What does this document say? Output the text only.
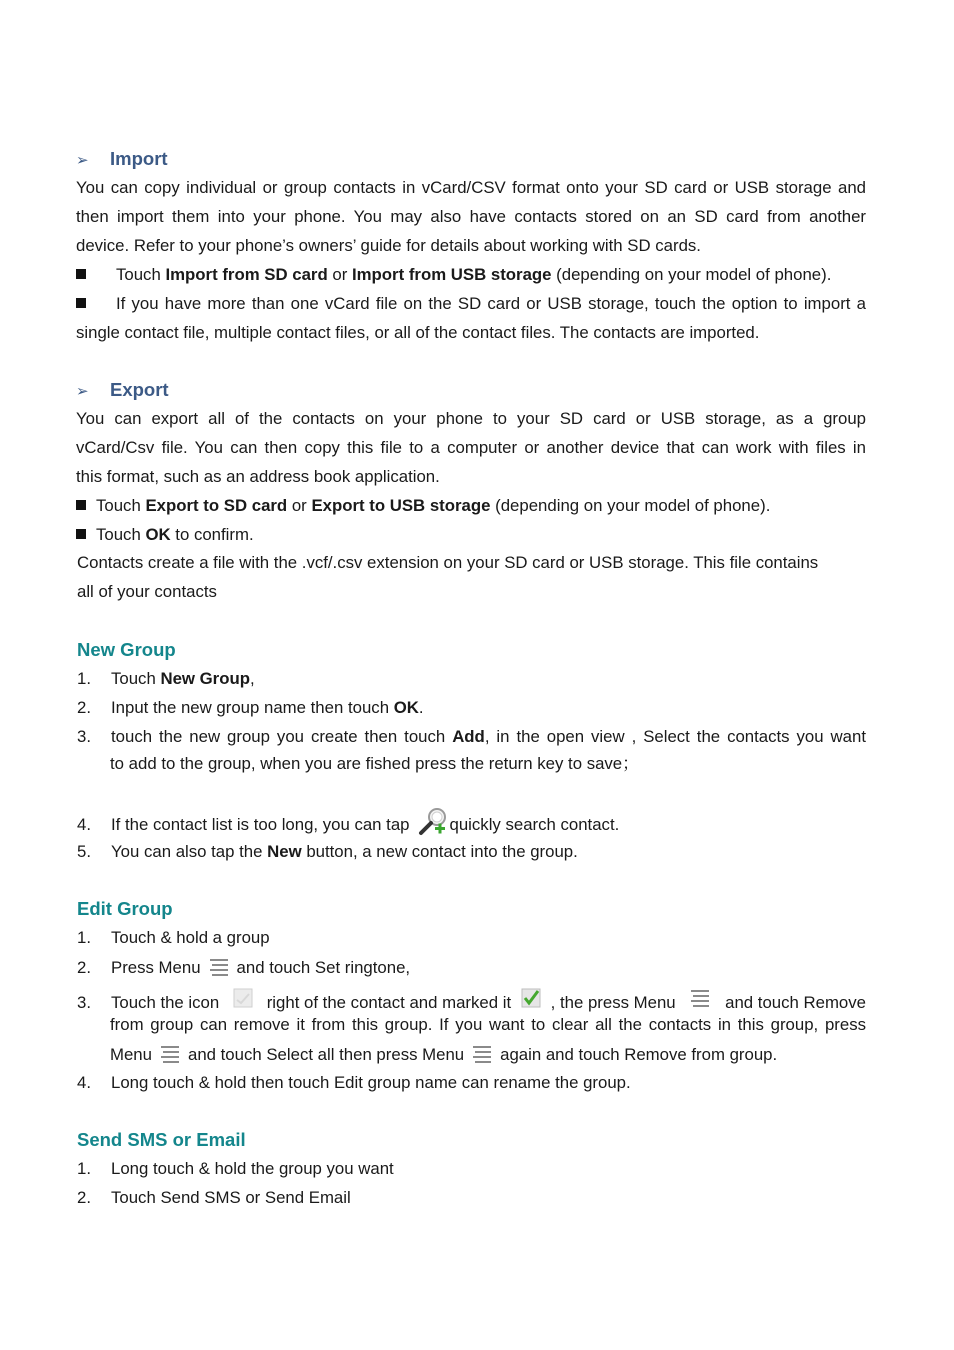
➢ Import
You can copy individual or group contacts in vCard/CSV format onto your SD card or USB storage and
then import them into your phone. You may also have contacts stored on an SD card from another
device. Refer to your phone’s owners’ guide for details about working with SD cards.
Touch Import from SD card or Import from USB storage (depending on your model of phone).
If you have more than one vCard file on the SD card or USB storage, touch the option to import a
single contact file, multiple contact files, or all of the contact files. The contacts are imported.
➢ Export
You can export all of the contacts on your phone to your SD card or USB storage, as a group
vCard/Csv file. You can then copy this file to a computer or another device that can work with files in
this format, such as an address book application.
Touch Export to SD card or Export to USB storage (depending on your model of phone).
Touch OK to confirm.
Contacts create a file with the .vcf/.csv extension on your SD card or USB storage. This file contains
all of your contacts
New Group
1. Touch New Group,
2. Input the new group name then touch OK.
3.	touch the new group you create then touch Add, in the open view , Select the contacts you want
to add to the group, when you are fished press the return key to save；
4. If the contact list is too long, you can tap quickly search contact.
5. You can also tap the New button, a new contact into the group.
Edit Group
1. Touch & hold a group
2. Press Menu and touch Set ringtone,
3.	Touch the icon	right of the contact and marked it , the press Menu	and touch Remove
from group can remove it from this group. If you want to clear all the contacts in this group, press
Menu and touch Select all then press Menu again and touch Remove from group.
4. Long touch & hold then touch Edit group name can rename the group.
Send SMS or Email
1. Long touch & hold the group you want
2. Touch Send SMS or Send Email
